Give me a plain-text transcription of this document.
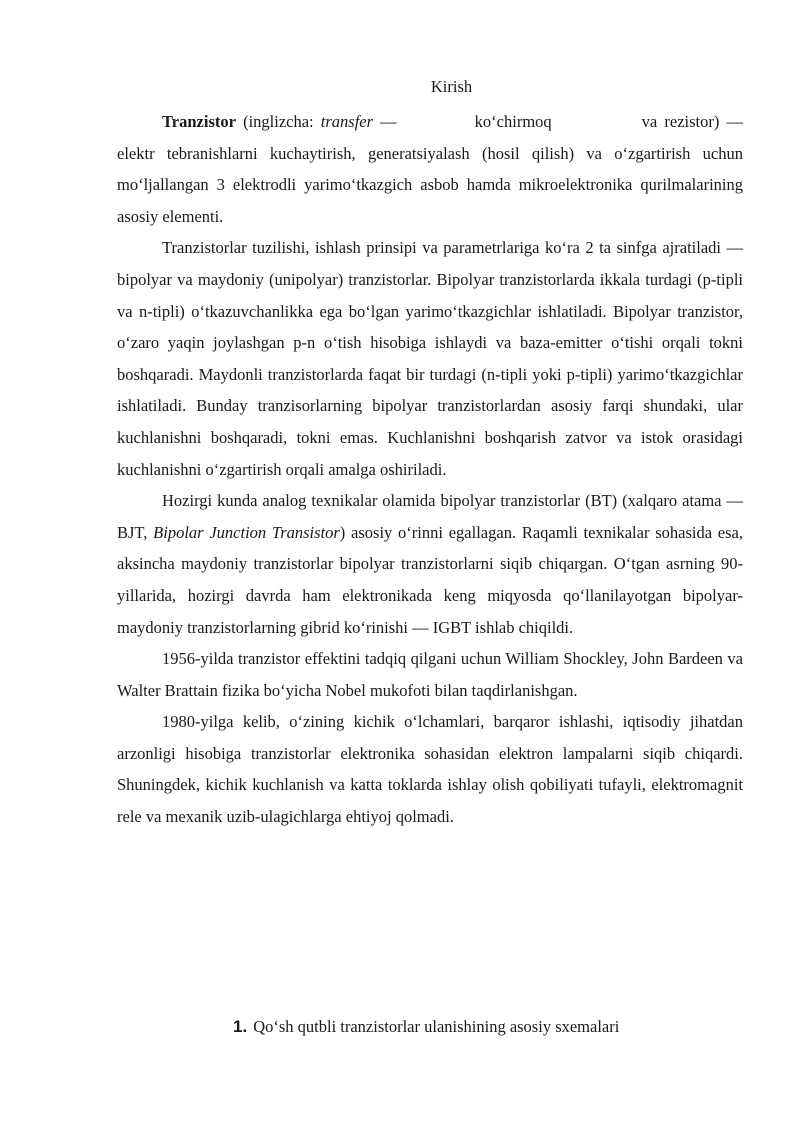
Kirish

Tranzistor (inglizcha: transfer —	ko‘chirmoq	va rezistor) — elektr tebranishlarni kuchaytirish, generatsiyalash (hosil qilish) va o‘zgartirish uchun mo‘ljallangan 3 elektrodli yarimo‘tkazgich asbob hamda mikroelektronika qurilmalarining asosiy elementi.

Tranzistorlar tuzilishi, ishlash prinsipi va parametrlariga ko‘ra 2 ta sinfga ajratiladi — bipolyar va maydoniy (unipolyar) tranzistorlar. Bipolyar tranzistorlarda ikkala turdagi (p-tipli va n-tipli) o‘tkazuvchanlikka ega bo‘lgan yarimo‘tkazgichlar ishlatiladi. Bipolyar tranzistor, o‘zaro yaqin joylashgan p-n o‘tish hisobiga ishlaydi va baza-emitter o‘tishi orqali tokni boshqaradi. Maydonli tranzistorlarda faqat bir turdagi (n-tipli yoki p-tipli) yarimo‘tkazgichlar ishlatiladi. Bunday tranzisorlarning bipolyar tranzistorlardan asosiy farqi shundaki, ular kuchlanishni boshqaradi, tokni emas. Kuchlanishni boshqarish zatvor va istok orasidagi kuchlanishni o‘zgartirish orqali amalga oshiriladi.

Hozirgi kunda analog texnikalar olamida bipolyar tranzistorlar (BT) (xalqaro atama — BJT, Bipolar Junction Transistor) asosiy o‘rinni egallagan. Raqamli texnikalar sohasida esa, aksincha maydoniy tranzistorlar bipolyar tranzistorlarni siqib chiqargan. O‘tgan asrning 90-yillarida, hozirgi davrda ham elektronikada keng miqyosda qo‘llanilayotgan bipolyar-maydoniy tranzistorlarning gibrid ko‘rinishi — IGBT ishlab chiqildi.

1956-yilda tranzistor effektini tadqiq qilgani uchun William Shockley, John Bardeen va Walter Brattain fizika bo‘yicha Nobel mukofoti bilan taqdirlanishgan.

1980-yilga kelib, o‘zining kichik o‘lchamlari, barqaror ishlashi, iqtisodiy jihatdan arzonligi hisobiga tranzistorlar elektronika sohasidan elektron lampalarni siqib chiqardi. Shuningdek, kichik kuchlanish va katta toklarda ishlay olish qobiliyati tufayli, elektromagnit rele va mexanik uzib-ulagichlarga ehtiyoj qolmadi.

1. Qo‘sh qutbli tranzistorlar ulanishining asosiy sxemalari
